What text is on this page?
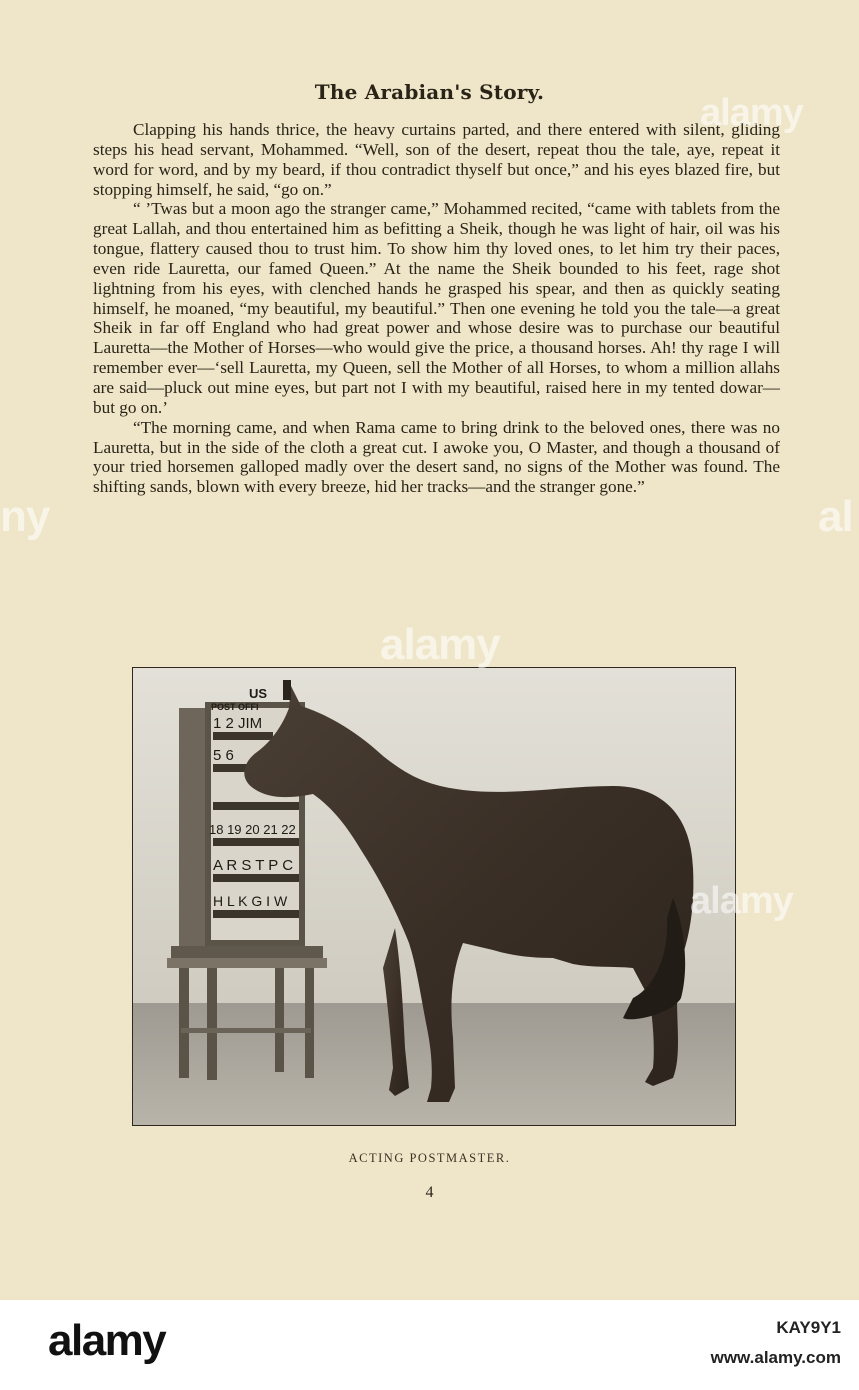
The Arabian's Story.

Clapping his hands thrice, the heavy curtains parted, and there entered with silent, gliding steps his head servant, Mohammed. “Well, son of the desert, repeat thou the tale, aye, repeat it word for word, and by my beard, if thou contradict thyself but once,” and his eyes blazed fire, but stopping himself, he said, “go on.”

“ ’Twas but a moon ago the stranger came,” Mohammed recited, “came with tablets from the great Lallah, and thou entertained him as befitting a Sheik, though he was light of hair, oil was his tongue, flattery caused thou to trust him. To show him thy loved ones, to let him try their paces, even ride Lauretta, our famed Queen.” At the name the Sheik bounded to his feet, rage shot lightning from his eyes, with clenched hands he grasped his spear, and then as quickly seating himself, he moaned, “my beautiful, my beautiful.” Then one evening he told you the tale—a great Sheik in far off England who had great power and whose desire was to purchase our beautiful Lauretta—the Mother of Horses—who would give the price, a thousand horses. Ah! thy rage I will remember ever—‘sell Lauretta, my Queen, sell the Mother of all Horses, to whom a million allahs are said—pluck out mine eyes, but part not I with my beautiful, raised here in my tented dowar—but go on.’

“The morning came, and when Rama came to bring drink to the beloved ones, there was no Lauretta, but in the side of the cloth a great cut. I awoke you, O Master, and though a thousand of your tried horsemen galloped madly over the desert sand, no signs of the Mother was found. The shifting sands, blown with every breeze, hid her tracks—and the stranger gone.”

US
POST OFFI
1 2 JIM
5 6
18 19 20 21 22
A R S T P C
H L K G I W
ACTING POSTMASTER.
4
alamy
alamy
alamy
ny	al
alamy	KAY9Y1
www.alamy.com
